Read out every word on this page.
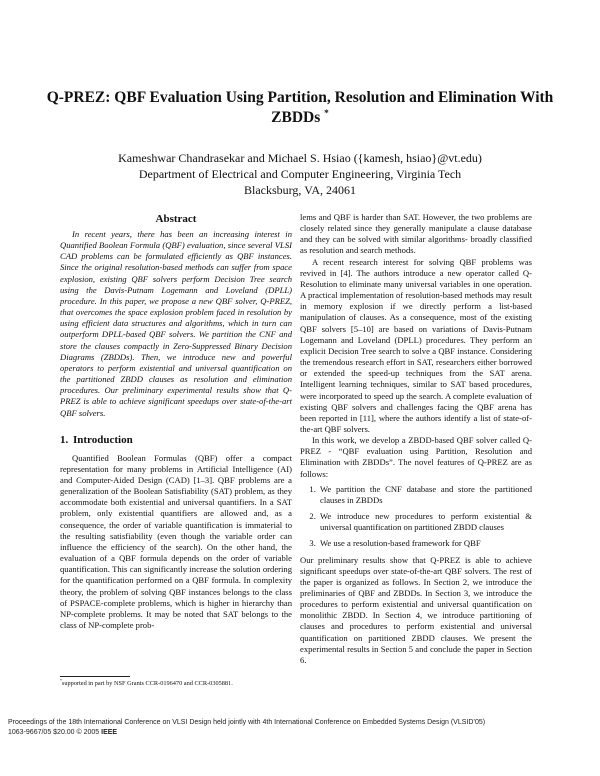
Q-PREZ: QBF Evaluation Using Partition, Resolution and Elimination With
ZBDDs *
Kameshwar Chandrasekar and Michael S. Hsiao ({kamesh, hsiao}@vt.edu)
Department of Electrical and Computer Engineering, Virginia Tech
Blacksburg, VA, 24061
Abstract

In recent years, there has been an increasing interest in Quantified Boolean Formula (QBF) evaluation, since several VLSI CAD problems can be formulated efficiently as QBF instances. Since the original resolution-based methods can suffer from space explosion, existing QBF solvers perform Decision Tree search using the Davis-Putnam Logemann and Loveland (DPLL) procedure. In this paper, we propose a new QBF solver, Q-PREZ, that overcomes the space explosion problem faced in resolution by using efficient data structures and algorithms, which in turn can outperform DPLL-based QBF solvers. We partition the CNF and store the clauses compactly in Zero-Suppressed Binary Decision Diagrams (ZBDDs). Then, we introduce new and powerful operators to perform existential and universal quantification on the partitioned ZBDD clauses as resolution and elimination procedures. Our preliminary experimental results show that Q-PREZ is able to achieve significant speedups over state-of-the-art QBF solvers.

1. Introduction

Quantified Boolean Formulas (QBF) offer a compact representation for many problems in Artificial Intelligence (AI) and Computer-Aided Design (CAD) [1–3]. QBF problems are a generalization of the Boolean Satisfiability (SAT) problem, as they accommodate both existential and universal quantifiers. In a SAT problem, only existential quantifiers are allowed and, as a consequence, the order of variable quantification is immaterial to the resulting satisfiability (even though the variable order can influence the efficiency of the search). On the other hand, the evaluation of a QBF formula depends on the order of variable quantification. This can significantly increase the solution ordering for the quantification performed on a QBF formula. In complexity theory, the problem of solving QBF instances belongs to the class of PSPACE-complete problems, which is higher in hierarchy than NP-complete problems. It may be noted that SAT belongs to the class of NP-complete prob-

lems and QBF is harder than SAT. However, the two problems are closely related since they generally manipulate a clause database and they can be solved with similar algorithms- broadly classified as resolution and search methods.

A recent research interest for solving QBF problems was revived in [4]. The authors introduce a new operator called Q-Resolution to eliminate many universal variables in one operation. A practical implementation of resolution-based methods may result in memory explosion if we directly perform a list-based manipulation of clauses. As a consequence, most of the existing QBF solvers [5–10] are based on variations of Davis-Putnam Logemann and Loveland (DPLL) procedures. They perform an explicit Decision Tree search to solve a QBF instance. Considering the tremendous research effort in SAT, researchers either borrowed or extended the speed-up techniques from the SAT arena. Intelligent learning techniques, similar to SAT based procedures, were incorporated to speed up the search. A complete evaluation of existing QBF solvers and challenges facing the QBF arena has been reported in [11], where the authors identify a list of state-of-the-art QBF solvers.

In this work, we develop a ZBDD-based QBF solver called Q-PREZ - “QBF evaluation using Partition, Resolution and Elimination with ZBDDs”. The novel features of Q-PREZ are as follows:

1. We partition the CNF database and store the partitioned clauses in ZBDDs
2. We introduce new procedures to perform existential & universal quantification on partitioned ZBDD clauses
3. We use a resolution-based framework for QBF

Our preliminary results show that Q-PREZ is able to achieve significant speedups over state-of-the-art QBF solvers. The rest of the paper is organized as follows. In Section 2, we introduce the preliminaries of QBF and ZBDDs. In Section 3, we introduce the procedures to perform existential and universal quantification on monolithic ZBDD. In Section 4, we introduce partitioning of clauses and procedures to perform existential and universal quantification on partitioned ZBDD clauses. We present the experimental results in Section 5 and conclude the paper in Section 6.

*supported in part by NSF Grants CCR-0196470 and CCR-0305881.
Proceedings of the 18th International Conference on VLSI Design held jointly with 4th International Conference on Embedded Systems Design (VLSID’05)
1063-9667/05 $20.00 © 2005 IEEE
